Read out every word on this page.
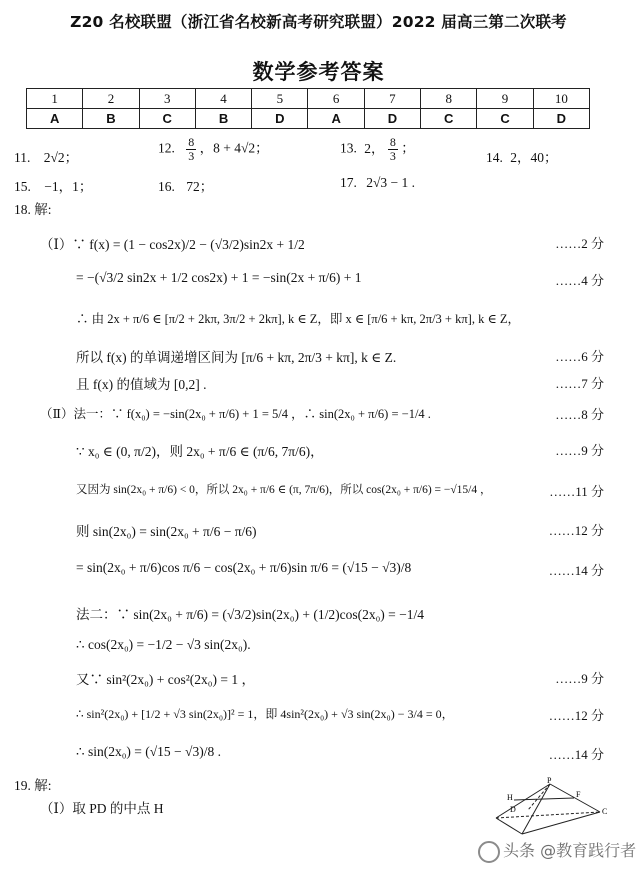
Z20 名校联盟（浙江省名校新高考研究联盟）2022 届高三第二次联考
数学参考答案
1	2	3	4	5	6	7	8	9	10
A	B	C	B	D	A	D	C	C	D
11. 2√2；
12. $\frac{8}{3}$ ，8 + 4√2；	13. 2， $\frac{8}{3}$ ；
14. 2，40；
15. −1，1；	16. 72；	17. 2√3 − 1 .
18. 解:
（Ⅰ）∵ f(x) = (1 − cos2x)/2 − (√3/2)sin2x + 1/2	……2 分
= −(√3/2 sin2x + 1/2 cos2x) + 1 = −sin(2x + π/6) + 1	……4 分
∴ 由 2x + π/6 ∈ [π/2 + 2kπ, 3π/2 + 2kπ], k ∈ Z，即 x ∈ [π/6 + kπ, 2π/3 + kπ], k ∈ Z，
所以 f(x) 的单调递增区间为 [π/6 + kπ, 2π/3 + kπ], k ∈ Z.	……6 分
且 f(x) 的值域为 [0,2] .	……7 分
（Ⅱ）法一：∵ f(x₀) = −sin(2x₀ + π/6) + 1 = 5/4 ，∴ sin(2x₀ + π/6) = −1/4 .	……8 分
∵ x₀ ∈ (0, π/2)，则 2x₀ + π/6 ∈ (π/6, 7π/6)，	……9 分
又因为 sin(2x₀ + π/6) < 0，所以 2x₀ + π/6 ∈ (π, 7π/6)，所以 cos(2x₀ + π/6) = −√15/4 ，	……11 分
则 sin(2x₀) = sin(2x₀ + π/6 − π/6)	……12 分
= sin(2x₀ + π/6)cos π/6 − cos(2x₀ + π/6)sin π/6 = (√15 − √3)/8	……14 分
法二：∵ sin(2x₀ + π/6) = (√3/2)sin(2x₀) + (1/2)cos(2x₀) = −1/4
∴ cos(2x₀) = −1/2 − √3 sin(2x₀).
又∵ sin²(2x₀) + cos²(2x₀) = 1 ，	……9 分
∴ sin²(2x₀) + [1/2 + √3 sin(2x₀)]² = 1，即 4sin²(2x₀) + √3 sin(2x₀) − 3/4 = 0，	……12 分
∴ sin(2x₀) = (√15 − √3)/8 .	……14 分
19. 解:
（Ⅰ）取 PD 的中点 H
P
H	F
D	C
头条 @教育践行者
